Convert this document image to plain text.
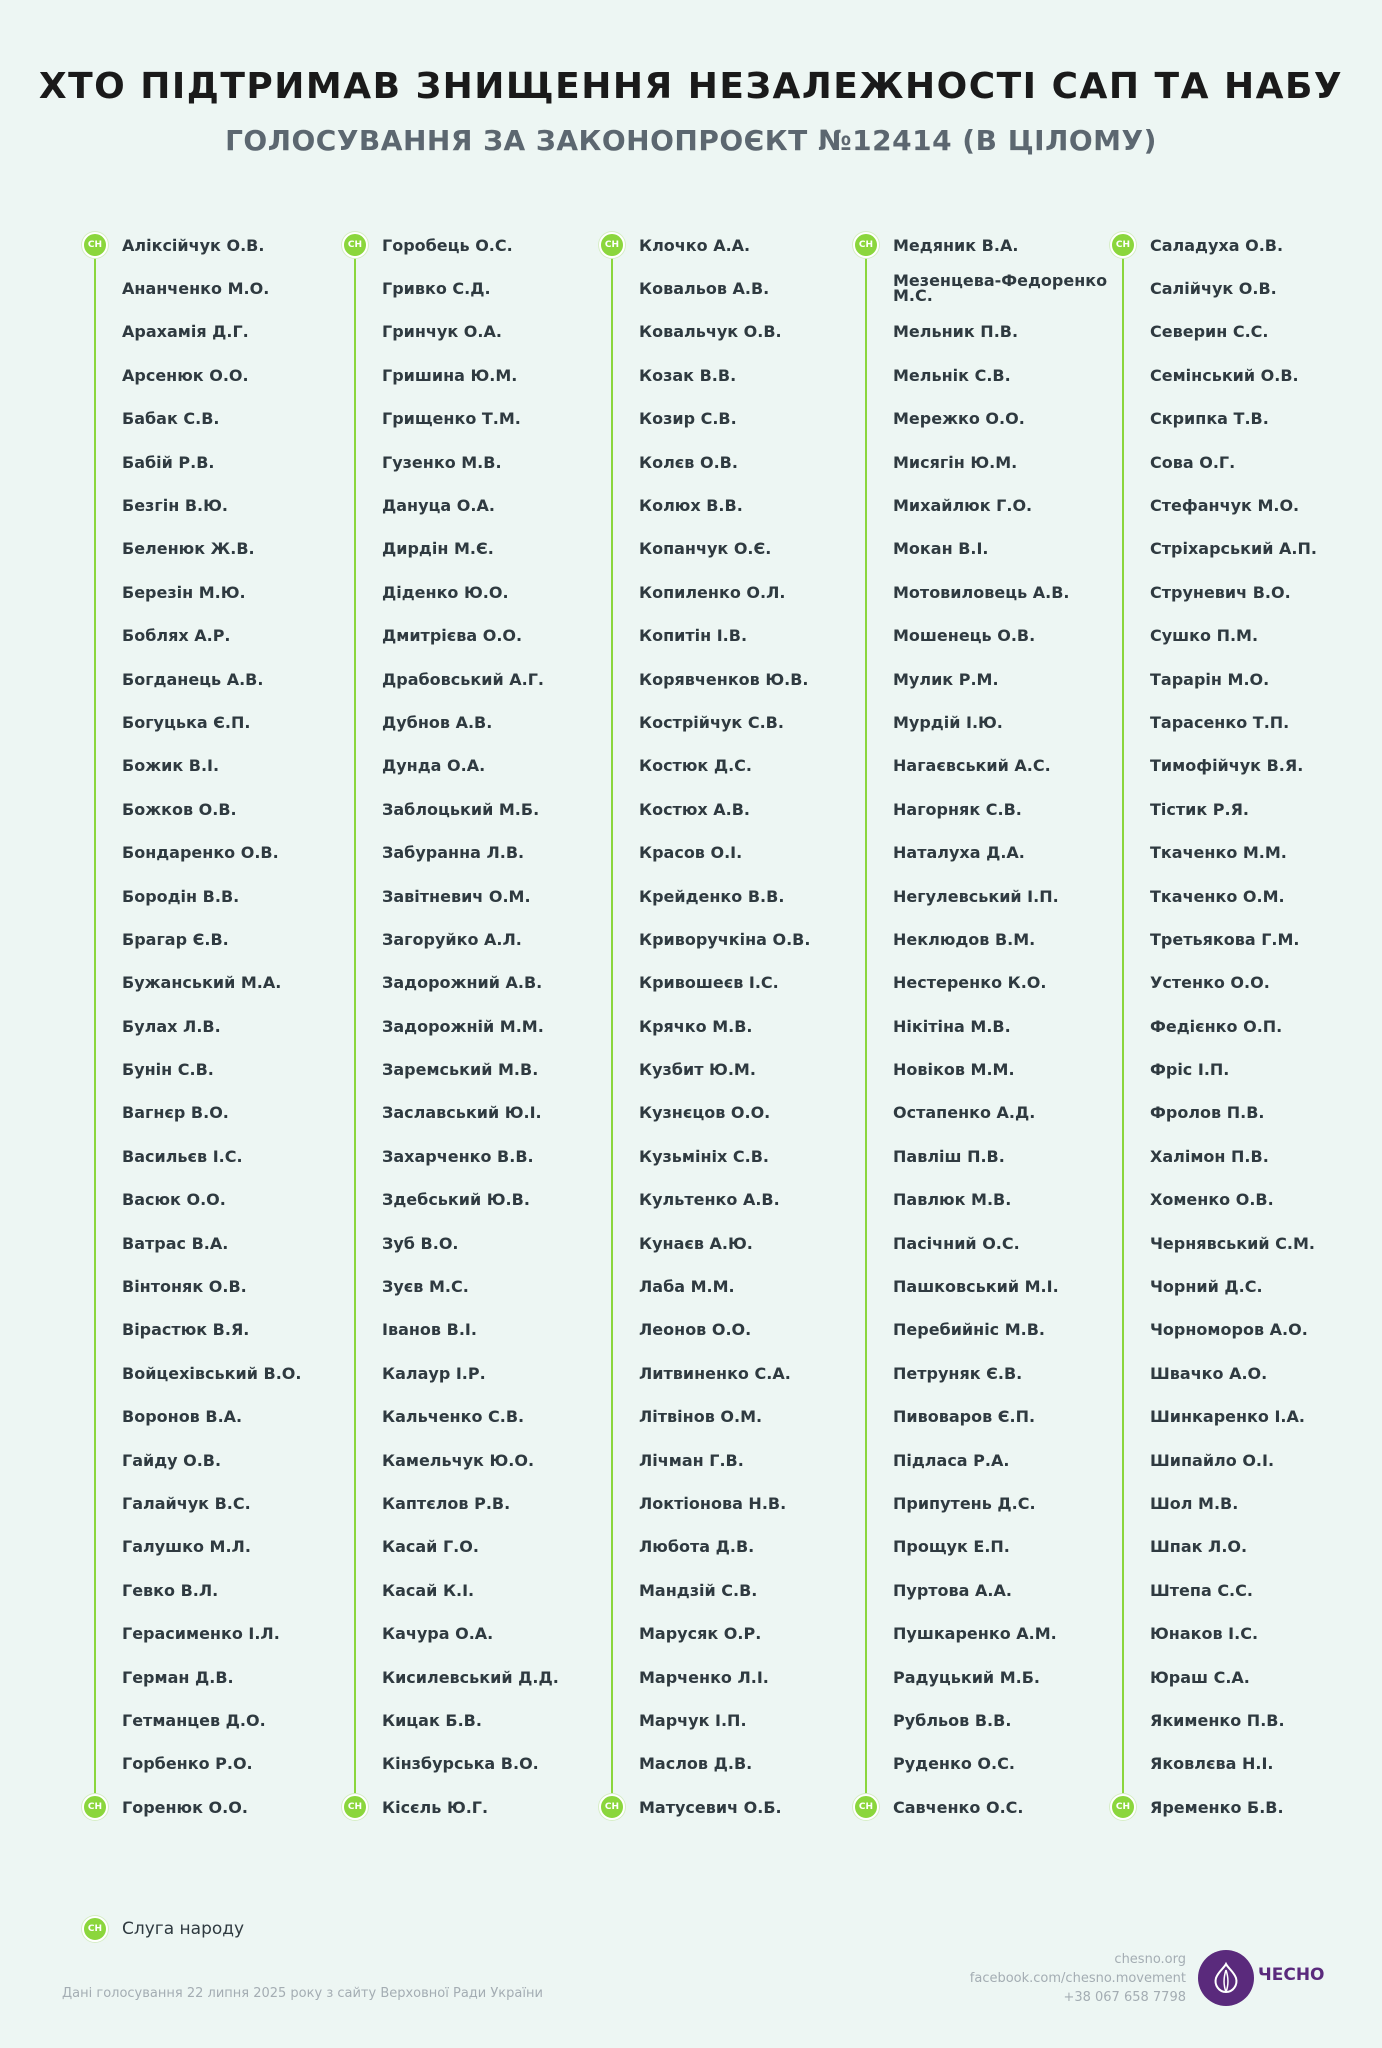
ХТО ПІДТРИМАВ ЗНИЩЕННЯ НЕЗАЛЕЖНОСТІ САП ТА НАБУ
ГОЛОСУВАННЯ ЗА ЗАКОНОПРОЄКТ №12414 (В ЦІЛОМУ)
CH
CH
Аліксійчук О.В.
Ананченко М.О.
Арахамія Д.Г.
Арсенюк О.О.
Бабак С.В.
Бабій Р.В.
Безгін В.Ю.
Беленюк Ж.В.
Березін М.Ю.
Боблях А.Р.
Богданець А.В.
Богуцька Є.П.
Божик В.І.
Божков О.В.
Бондаренко О.В.
Бородін В.В.
Брагар Є.В.
Бужанський М.А.
Булах Л.В.
Бунін С.В.
Вагнєр В.О.
Васильєв І.С.
Васюк О.О.
Ватрас В.А.
Вінтоняк О.В.
Вірастюк В.Я.
Войцехівський В.О.
Воронов В.А.
Гайду О.В.
Галайчук В.С.
Галушко М.Л.
Гевко В.Л.
Герасименко І.Л.
Герман Д.В.
Гетманцев Д.О.
Горбенко Р.О.
Горенюк О.О.
CH
CH
Горобець О.С.
Гривко С.Д.
Гринчук О.А.
Гришина Ю.М.
Грищенко Т.М.
Гузенко М.В.
Дануца О.А.
Дирдін М.Є.
Діденко Ю.О.
Дмитрієва О.О.
Драбовський А.Г.
Дубнов А.В.
Дунда О.А.
Заблоцький М.Б.
Забуранна Л.В.
Завітневич О.М.
Загоруйко А.Л.
Задорожний А.В.
Задорожній М.М.
Заремський М.В.
Заславський Ю.І.
Захарченко В.В.
Здебський Ю.В.
Зуб В.О.
Зуєв М.С.
Іванов В.І.
Калаур І.Р.
Кальченко С.В.
Камельчук Ю.О.
Каптєлов Р.В.
Касай Г.О.
Касай К.І.
Качура О.А.
Кисилевський Д.Д.
Кицак Б.В.
Кінзбурська В.О.
Кісєль Ю.Г.
CH
CH
Клочко А.А.
Ковальов А.В.
Ковальчук О.В.
Козак В.В.
Козир С.В.
Колєв О.В.
Колюх В.В.
Копанчук О.Є.
Копиленко О.Л.
Копитін І.В.
Корявченков Ю.В.
Кострійчук С.В.
Костюк Д.С.
Костюх А.В.
Красов О.І.
Крейденко В.В.
Криворучкіна О.В.
Кривошеєв І.С.
Крячко М.В.
Кузбит Ю.М.
Кузнєцов О.О.
Кузьмінix С.В.
Культенко А.В.
Кунаєв А.Ю.
Лаба М.М.
Леонов О.О.
Литвиненко С.А.
Літвінов О.М.
Лічман Г.В.
Локтіонова Н.В.
Любота Д.В.
Мандзій С.В.
Маруcяк О.Р.
Марченко Л.І.
Марчук І.П.
Маслов Д.В.
Матусевич О.Б.
CH
CH
Медяник В.А.
Мезенцева-Федоренко М.С.
Мельник П.В.
Мельнік С.В.
Мережко О.О.
Мисягін Ю.М.
Михайлюк Г.О.
Мокан В.І.
Мотовиловець А.В.
Мошенець О.В.
Мулик Р.М.
Мурдій І.Ю.
Нагаєвський А.С.
Нагорняк С.В.
Наталуха Д.А.
Негулевський І.П.
Неклюдов В.М.
Нестеренко К.О.
Нікітіна М.В.
Новіков М.М.
Остапенко А.Д.
Павліш П.В.
Павлюк М.В.
Пасічний О.С.
Пашковський М.І.
Перебийніс М.В.
Петруняк Є.В.
Пивоваров Є.П.
Підласа Р.А.
Припутень Д.С.
Прощук Е.П.
Пуртова А.А.
Пушкаренко А.М.
Радуцький М.Б.
Рубльов В.В.
Руденко О.С.
Савченко О.С.
CH
CH
Саладуха О.В.
Салійчук О.В.
Северин С.С.
Семінський О.В.
Скрипка Т.В.
Сова О.Г.
Стефанчук М.О.
Стріхарський А.П.
Струневич В.О.
Сушко П.М.
Тарарін М.О.
Тарасенко Т.П.
Тимофійчук В.Я.
Тістик Р.Я.
Ткаченко М.М.
Ткаченко О.М.
Третьякова Г.М.
Устенко О.О.
Федієнко О.П.
Фріс І.П.
Фролов П.В.
Халімон П.В.
Хоменко О.В.
Чернявський С.М.
Чорний Д.С.
Чорноморов А.О.
Швачко А.О.
Шинкаренко І.А.
Шипайло О.І.
Шол М.В.
Шпак Л.О.
Штепа С.С.
Юнаков І.С.
Юраш С.А.
Якименко П.В.
Яковлєва Н.І.
Яременко Б.В.
CH	Слуга народу
Дані голосування 22 липня 2025 року з сайту Верховної Ради України
chesno.org
facebook.com/chesno.movement
+38 067 658 7798
ЧЕСНО
